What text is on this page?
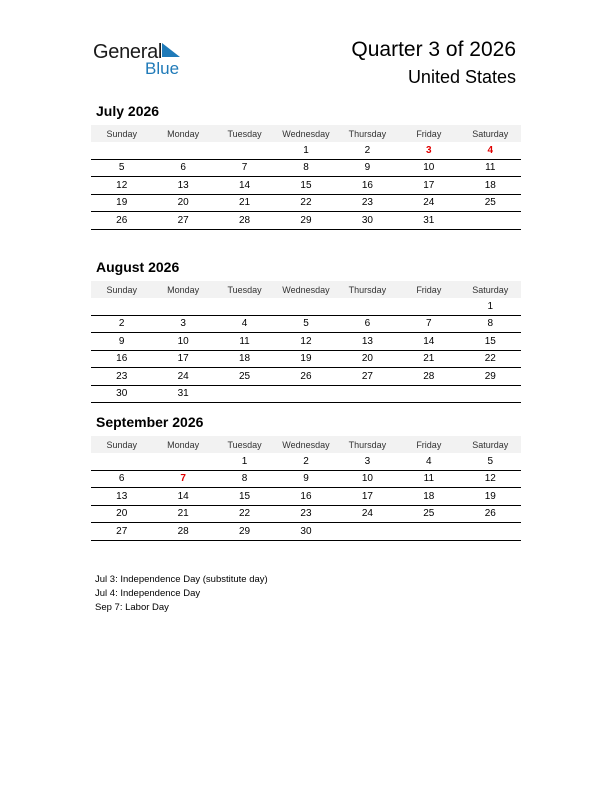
General
Blue
Quarter 3 of 2026
United States
July 2026
Sunday	Monday	Tuesday	Wednesday	Thursday	Friday	Saturday
			1	2	3	4
5	6	7	8	9	10	11
12	13	14	15	16	17	18
19	20	21	22	23	24	25
26	27	28	29	30	31	
August 2026
Sunday	Monday	Tuesday	Wednesday	Thursday	Friday	Saturday
						1
2	3	4	5	6	7	8
9	10	11	12	13	14	15
16	17	18	19	20	21	22
23	24	25	26	27	28	29
30	31					
September 2026
Sunday	Monday	Tuesday	Wednesday	Thursday	Friday	Saturday
		1	2	3	4	5
6	7	8	9	10	11	12
13	14	15	16	17	18	19
20	21	22	23	24	25	26
27	28	29	30			
Jul 3: Independence Day (substitute day)
Jul 4: Independence Day
Sep 7: Labor Day
